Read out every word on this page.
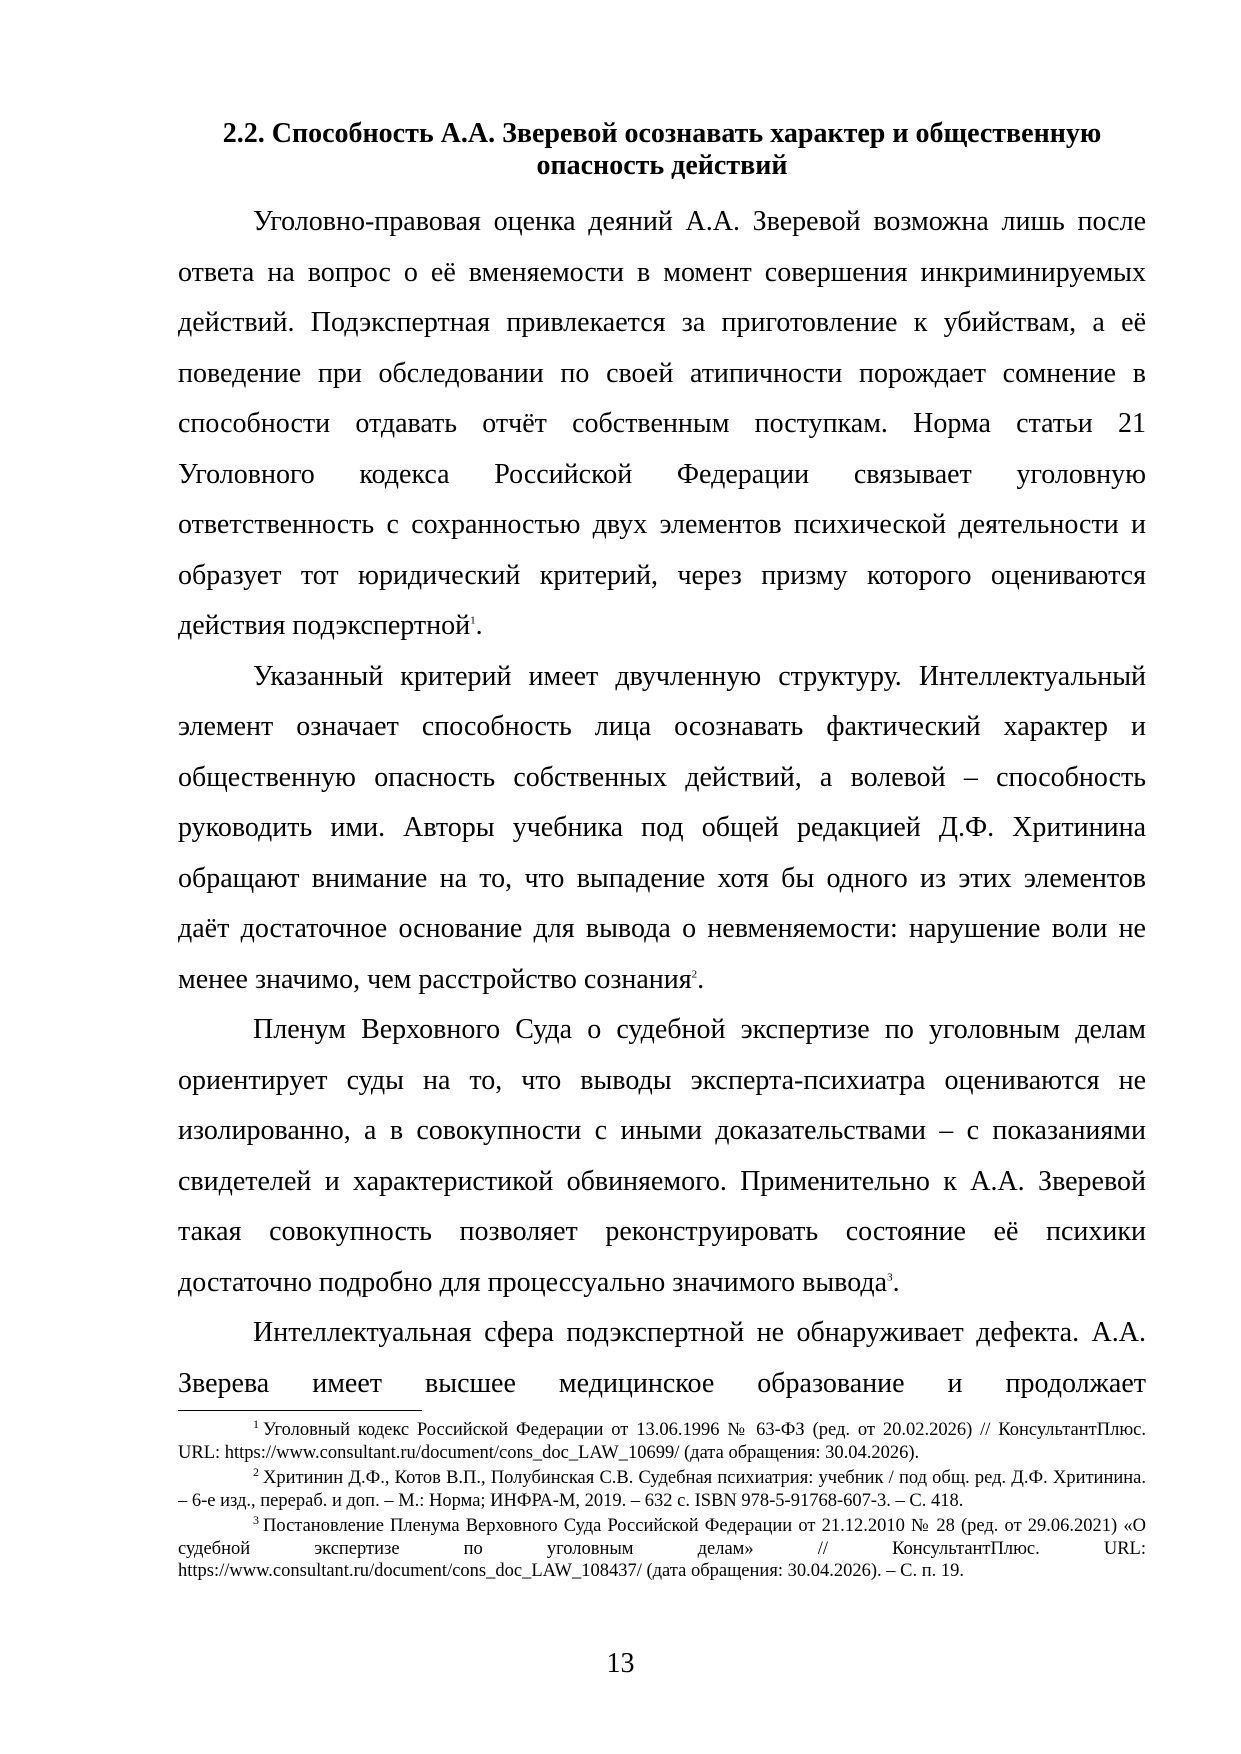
2.2. Способность А.А. Зверевой осознавать характер и общественную
опасность действий

Уголовно-правовая оценка деяний А.А. Зверевой возможна лишь после ответа на вопрос о её вменяемости в момент совершения инкриминируемых действий. Подэкспертная привлекается за приготовление к убийствам, а её поведение при обследовании по своей атипичности порождает сомнение в способности отдавать отчёт собственным поступкам. Норма статьи 21 Уголовного кодекса Российской Федерации связывает уголовную ответственность с сохранностью двух элементов психической деятельности и образует тот юридический критерий, через призму которого оцениваются действия подэкспертной$^1$.

Указанный критерий имеет двучленную структуру. Интеллектуальный элемент означает способность лица осознавать фактический характер и общественную опасность собственных действий, а волевой – способность руководить ими. Авторы учебника под общей редакцией Д.Ф. Хритинина обращают внимание на то, что выпадение хотя бы одного из этих элементов даёт достаточное основание для вывода о невменяемости: нарушение воли не менее значимо, чем расстройство сознания$^2$.

Пленум Верховного Суда о судебной экспертизе по уголовным делам ориентирует суды на то, что выводы эксперта-психиатра оцениваются не изолированно, а в совокупности с иными доказательствами – с показаниями свидетелей и характеристикой обвиняемого. Применительно к А.А. Зверевой такая совокупность позволяет реконструировать состояние её психики достаточно подробно для процессуально значимого вывода$^3$.

Интеллектуальная сфера подэкспертной не обнаруживает дефекта. А.А. Зверева имеет высшее медицинское образование и продолжает

$^1$ Уголовный кодекс Российской Федерации от 13.06.1996 № 63-ФЗ (ред. от 20.02.2026) // КонсультантПлюс. URL: https://www.consultant.ru/document/cons_doc_LAW_10699/ (дата обращения: 30.04.2026).

$^2$ Хритинин Д.Ф., Котов В.П., Полубинская С.В. Судебная психиатрия: учебник / под общ. ред. Д.Ф. Хритинина. – 6-е изд., перераб. и доп. – М.: Норма; ИНФРА-М, 2019. – 632 с. ISBN 978-5-91768-607-3. – С. 418.

$^3$ Постановление Пленума Верховного Суда Российской Федерации от 21.12.2010 № 28 (ред. от 29.06.2021) «О судебной экспертизе по уголовным делам» // КонсультантПлюс. URL: https://www.consultant.ru/document/cons_doc_LAW_108437/ (дата обращения: 30.04.2026). – С. п. 19.

13
